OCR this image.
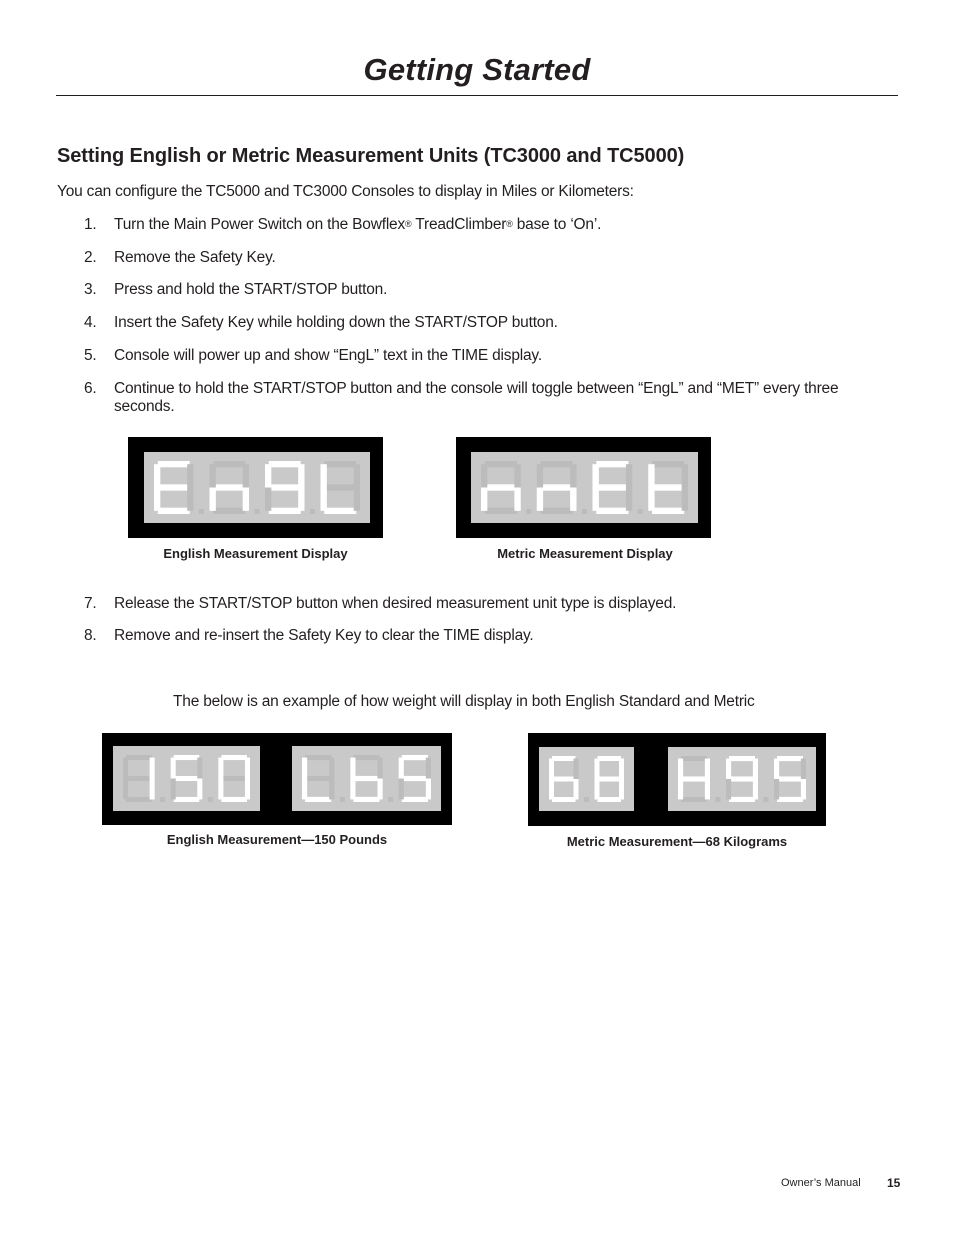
Getting Started
Setting English or Metric Measurement Units (TC3000 and TC5000)
You can configure the TC5000 and TC3000 Consoles to display in Miles or Kilometers:
1.	Turn the Main Power Switch on the Bowflex® TreadClimber® base to ‘On’.
2.	Remove the Safety Key.
3.	Press and hold the START/STOP button.
4.	Insert the Safety Key while holding down the START/STOP button.
5.	Console will power up and show “EngL” text in the TIME display.
6.	Continue to hold the START/STOP button and the console will toggle between “EngL” and “MET” every three seconds.
English Measurement Display	Metric Measurement Display
7.	Release the START/STOP button when desired measurement unit type is displayed.
8.	Remove and re-insert the Safety Key to clear the TIME display.
The below is an example of how weight will display in both English Standard and Metric
English Measurement—150 Pounds	Metric Measurement—68 Kilograms
Owner’s Manual 15
